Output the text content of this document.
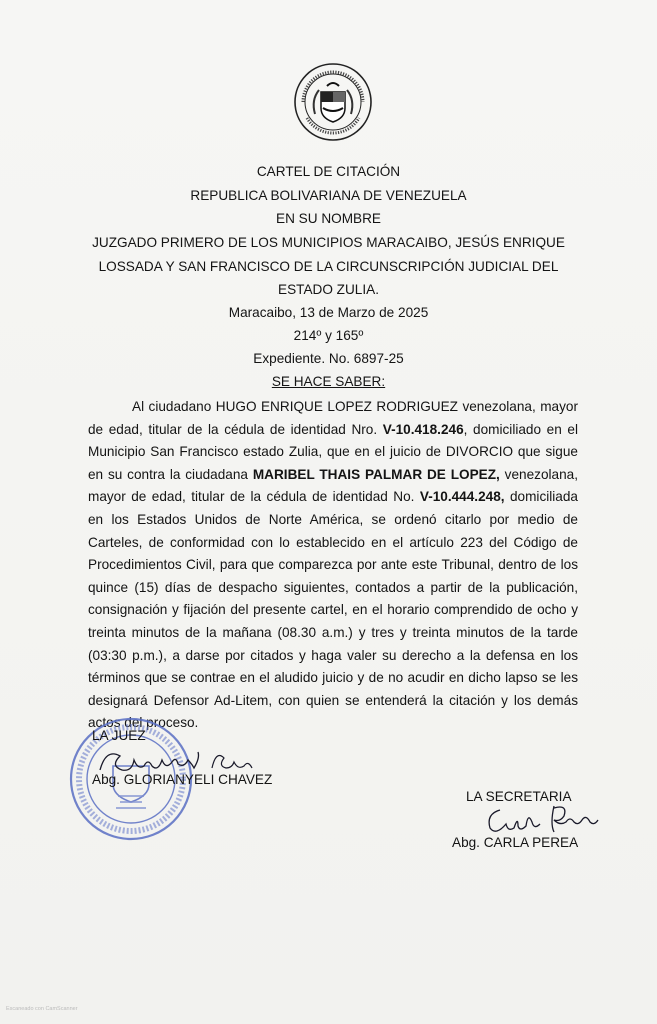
CARTEL DE CITACIÓN
REPUBLICA BOLIVARIANA DE VENEZUELA
EN SU NOMBRE
JUZGADO PRIMERO DE LOS MUNICIPIOS MARACAIBO, JESÚS ENRIQUE
LOSSADA Y SAN FRANCISCO DE LA CIRCUNSCRIPCIÓN JUDICIAL DEL
ESTADO ZULIA.
Maracaibo, 13 de Marzo de 2025
214º y 165º
Expediente. No. 6897-25
SE HACE SABER:

Al ciudadano HUGO ENRIQUE LOPEZ RODRIGUEZ venezolana, mayor de edad, titular de la cédula de identidad Nro. V-10.418.246, domiciliado en el Municipio San Francisco estado Zulia, que en el juicio de DIVORCIO que sigue en su contra la ciudadana MARIBEL THAIS PALMAR DE LOPEZ, venezolana, mayor de edad, titular de la cédula de identidad No. V-10.444.248, domiciliada en los Estados Unidos de Norte América, se ordenó citarlo por medio de Carteles, de conformidad con lo establecido en el artículo 223 del Código de Procedimientos Civil, para que comparezca por ante este Tribunal, dentro de los quince (15) días de despacho siguientes, contados a partir de la publicación, consignación y fijación del presente cartel, en el horario comprendido de ocho y treinta minutos de la mañana (08.30 a.m.) y tres y treinta minutos de la tarde (03:30 p.m.), a darse por citados y haga valer su derecho a la defensa en los términos que se contrae en el aludido juicio y de no acudir en dicho lapso se les designará Defensor Ad-Litem, con quien se entenderá la citación y los demás actos del proceso.

LA JUEZ
Abg. GLORIANYELI CHAVEZ
LA SECRETARIA
Abg. CARLA PEREA
Escaneado con CamScanner
